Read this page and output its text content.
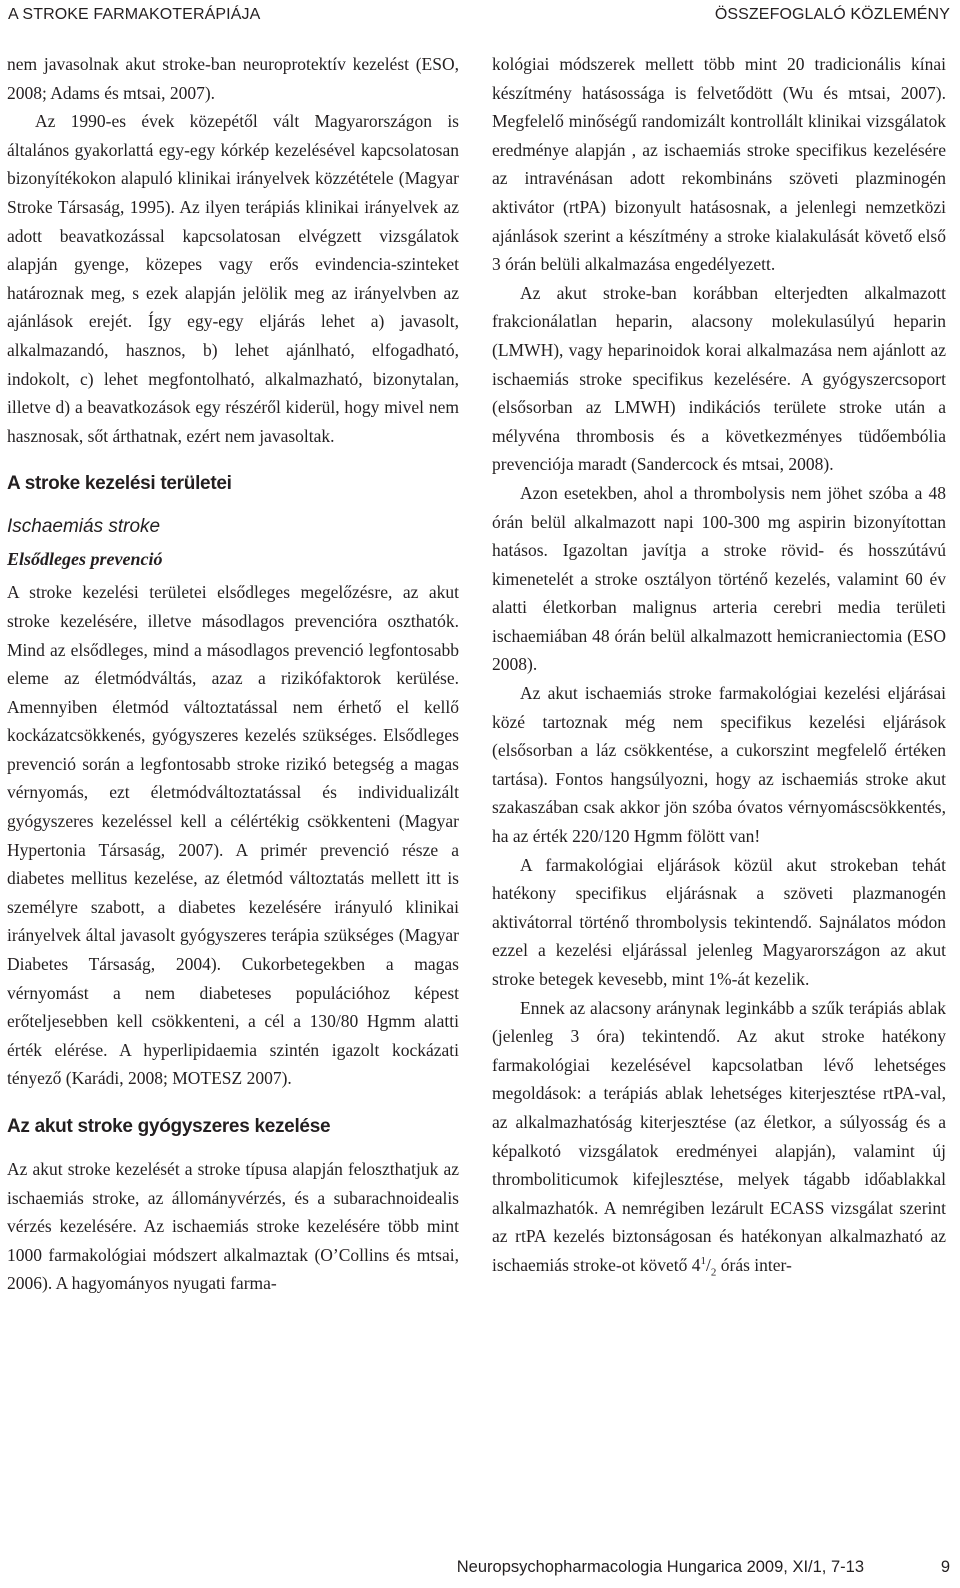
A STROKE FARMAKOTERÁPIÁJA	ÖSSZEFOGLALÓ KÖZLEMÉNY

nem javasolnak akut stroke-ban neuroprotektív kezelést (ESO, 2008; Adams és mtsai, 2007).

Az 1990-es évek közepétől vált Magyarországon is általános gyakorlattá egy-egy kórkép kezelésével kapcsolatosan bizonyítékokon alapuló klinikai irányelvek közzététele (Magyar Stroke Társaság, 1995). Az ilyen terápiás klinikai irányelvek az adott beavatkozással kapcsolatosan elvégzett vizsgálatok alapján gyenge, közepes vagy erős evindencia-szinteket határoznak meg, s ezek alapján jelölik meg az irányelvben az ajánlások erejét. Így egy-egy eljárás lehet a) javasolt, alkalmazandó, hasznos, b) lehet ajánlható, elfogadható, indokolt, c) lehet megfontolható, alkalmazható, bizonytalan, illetve d) a beavatkozások egy részéről kiderül, hogy mivel nem hasznosak, sőt árthatnak, ezért nem javasoltak.

A stroke kezelési területei
Ischaemiás stroke
Elsődleges prevenció

A stroke kezelési területei elsődleges megelőzésre, az akut stroke kezelésére, illetve másodlagos prevencióra oszthatók. Mind az elsődleges, mind a másodlagos prevenció legfontosabb eleme az életmódváltás, azaz a rizikófaktorok kerülése. Amennyiben életmód változtatással nem érhető el kellő kockázatcsökkenés, gyógyszeres kezelés szükséges. Elsődleges prevenció során a legfontosabb stroke rizikó betegség a magas vérnyomás, ezt életmódváltoztatással és individualizált gyógyszeres kezeléssel kell a célértékig csökkenteni (Magyar Hypertonia Társaság, 2007). A primér prevenció része a diabetes mellitus kezelése, az életmód változtatás mellett itt is személyre szabott, a diabetes kezelésére irányuló klinikai irányelvek által javasolt gyógyszeres terápia szükséges (Magyar Diabetes Társaság, 2004). Cukorbetegekben a magas vérnyomást a nem diabeteses populációhoz képest erőteljesebben kell csökkenteni, a cél a 130/80 Hgmm alatti érték elérése. A hyperlipidaemia szintén igazolt kockázati tényező (Karádi, 2008; MOTESZ 2007).

Az akut stroke gyógyszeres kezelése

Az akut stroke kezelését a stroke típusa alapján feloszthatjuk az ischaemiás stroke, az állományvérzés, és a subarachnoidealis vérzés kezelésére. Az ischaemiás stroke kezelésére több mint 1000 farmakológiai módszert alkalmaztak (O’Collins és mtsai, 2006). A hagyományos nyugati farma-

kológiai módszerek mellett több mint 20 tradicionális kínai készítmény hatásossága is felvetődött (Wu és mtsai, 2007). Megfelelő minőségű randomizált kontrollált klinikai vizsgálatok eredménye alapján , az ischaemiás stroke specifikus kezelésére az intravénásan adott rekombináns szöveti plazminogén aktivátor (rtPA) bizonyult hatásosnak, a jelenlegi nemzetközi ajánlások szerint a készítmény a stroke kialakulását követő első 3 órán belüli alkalmazása engedélyezett.

Az akut stroke-ban korábban elterjedten alkalmazott frakcionálatlan heparin, alacsony molekulasúlyú heparin (LMWH), vagy heparinoidok korai alkalmazása nem ajánlott az ischaemiás stroke specifikus kezelésére. A gyógyszercsoport (elsősorban az LMWH) indikációs területe stroke után a mélyvéna thrombosis és a következményes tüdőembólia prevenciója maradt (Sandercock és mtsai, 2008).

Azon esetekben, ahol a thrombolysis nem jöhet szóba a 48 órán belül alkalmazott napi 100-300 mg aspirin bizonyítottan hatásos. Igazoltan javítja a stroke rövid- és hosszútávú kimenetelét a stroke osztályon történő kezelés, valamint 60 év alatti életkorban malignus arteria cerebri media területi ischaemiában 48 órán belül alkalmazott hemicraniectomia (ESO 2008).

Az akut ischaemiás stroke farmakológiai kezelési eljárásai közé tartoznak még nem specifikus kezelési eljárások (elsősorban a láz csökkentése, a cukorszint megfelelő értéken tartása). Fontos hangsúlyozni, hogy az ischaemiás stroke akut szakaszában csak akkor jön szóba óvatos vérnyomáscsökkentés, ha az érték 220/120 Hgmm fölött van!

A farmakológiai eljárások közül akut strokeban tehát hatékony specifikus eljárásnak a szöveti plazmanogén aktivátorral történő thrombolysis tekintendő. Sajnálatos módon ezzel a kezelési eljárással jelenleg Magyarországon az akut stroke betegek kevesebb, mint 1%-át kezelik.

Ennek az alacsony aránynak leginkább a szűk terápiás ablak (jelenleg 3 óra) tekintendő. Az akut stroke hatékony farmakológiai kezelésével kapcsolatban lévő lehetséges megoldások: a terápiás ablak lehetséges kiterjesztése rtPA-val, az alkalmazhatóság kiterjesztése (az életkor, a súlyosság és a képalkotó vizsgálatok eredményei alapján), valamint új thromboliticumok kifejlesztése, melyek tágabb időablakkal alkalmazhatók. A nemrégiben lezárult ECASS vizsgálat szerint az rtPA kezelés biztonságosan és hatékonyan alkalmazható az ischaemiás stroke-ot követő $4^1/_2$ órás inter-

Neuropsychopharmacologia Hungarica 2009, XI/1, 7-13	9
